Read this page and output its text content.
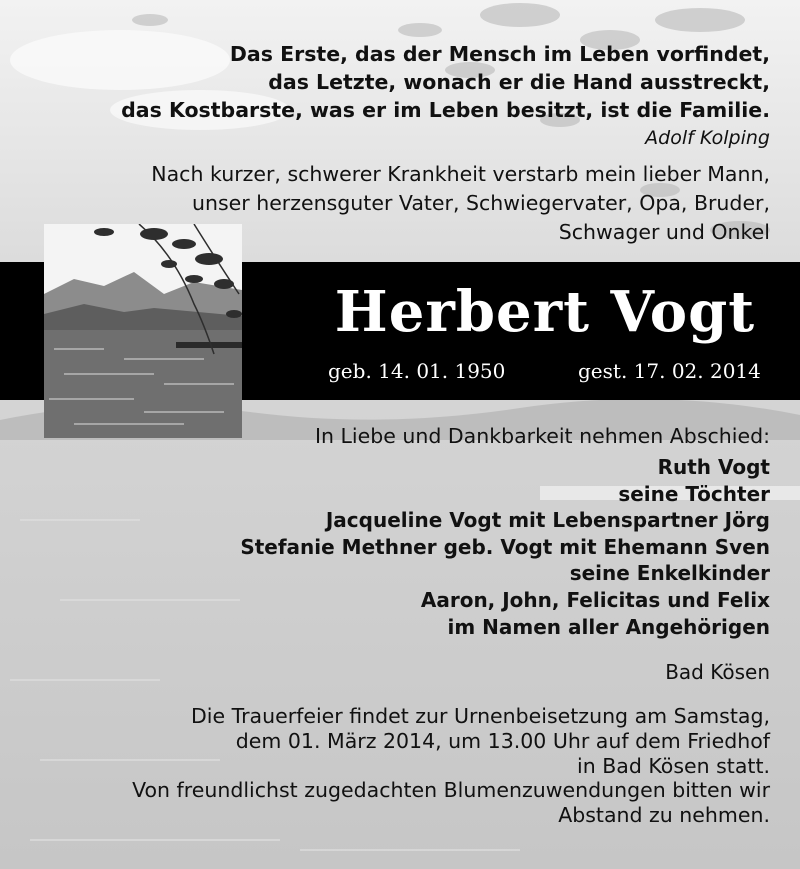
Das Erste, das der Mensch im Leben vorfindet,
das Letzte, wonach er die Hand ausstreckt,
das Kostbarste, was er im Leben besitzt, ist die Familie.
Adolf Kolping
Nach kurzer, schwerer Krankheit verstarb mein lieber Mann,
unser herzensguter Vater, Schwiegervater, Opa, Bruder,
Schwager und Onkel
Herbert Vogt
geb. 14. 01. 1950	gest. 17. 02. 2014
In Liebe und Dankbarkeit nehmen Abschied:
Ruth Vogt
seine Töchter
Jacqueline Vogt mit Lebenspartner Jörg
Stefanie Methner geb. Vogt mit Ehemann Sven
seine Enkelkinder
Aaron, John, Felicitas und Felix
im Namen aller Angehörigen
Bad Kösen
Die Trauerfeier findet zur Urnenbeisetzung am Samstag,
dem 01. März 2014, um 13.00 Uhr auf dem Friedhof
in Bad Kösen statt.
Von freundlichst zugedachten Blumenzuwendungen bitten wir
Abstand zu nehmen.
